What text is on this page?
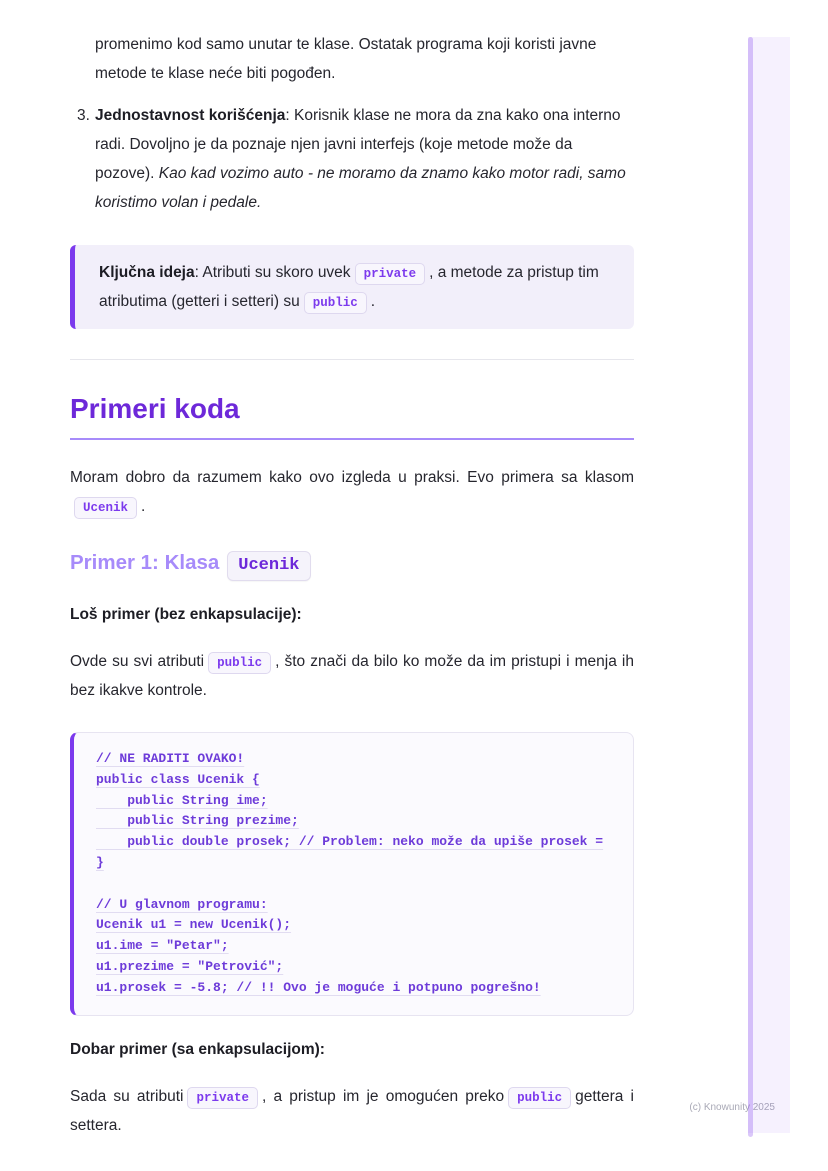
promenimo kod samo unutar te klase. Ostatak programa koji koristi javne metode te klase neće biti pogođen.

3. Jednostavnost korišćenja: Korisnik klase ne mora da zna kako ona interno radi. Dovoljno je da poznaje njen javni interfejs (koje metode može da pozove). Kao kad vozimo auto - ne moramo da znamo kako motor radi, samo koristimo volan i pedale.
Ključna ideja: Atributi su skoro uvek private , a metode za pristup tim atributima (getteri i setteri) su public .
Primeri koda

Moram dobro da razumem kako ovo izgleda u praksi. Evo primera sa klasomUcenik .

Primer 1: Klasa Ucenik

Loš primer (bez enkapsulacije):

Ovde su svi atributi public , što znači da bilo ko može da im pristupi i menja ih bez ikakve kontrole.

// NE RADITI OVAKO!
public class Ucenik {
public String ime;
public String prezime;
public double prosek; // Problem: neko može da upiše prosek =
}
// U glavnom programu:
Ucenik u1 = new Ucenik();
u1.ime = "Petar";
u1.prezime = "Petrović";
u1.prosek = -5.8; // !! Ovo je moguće i potpuno pogrešno!

Dobar primer (sa enkapsulacijom):

Sada su atributi private , a pristup im je omogućen preko public gettera i settera.

(c) Knowunity 2025
